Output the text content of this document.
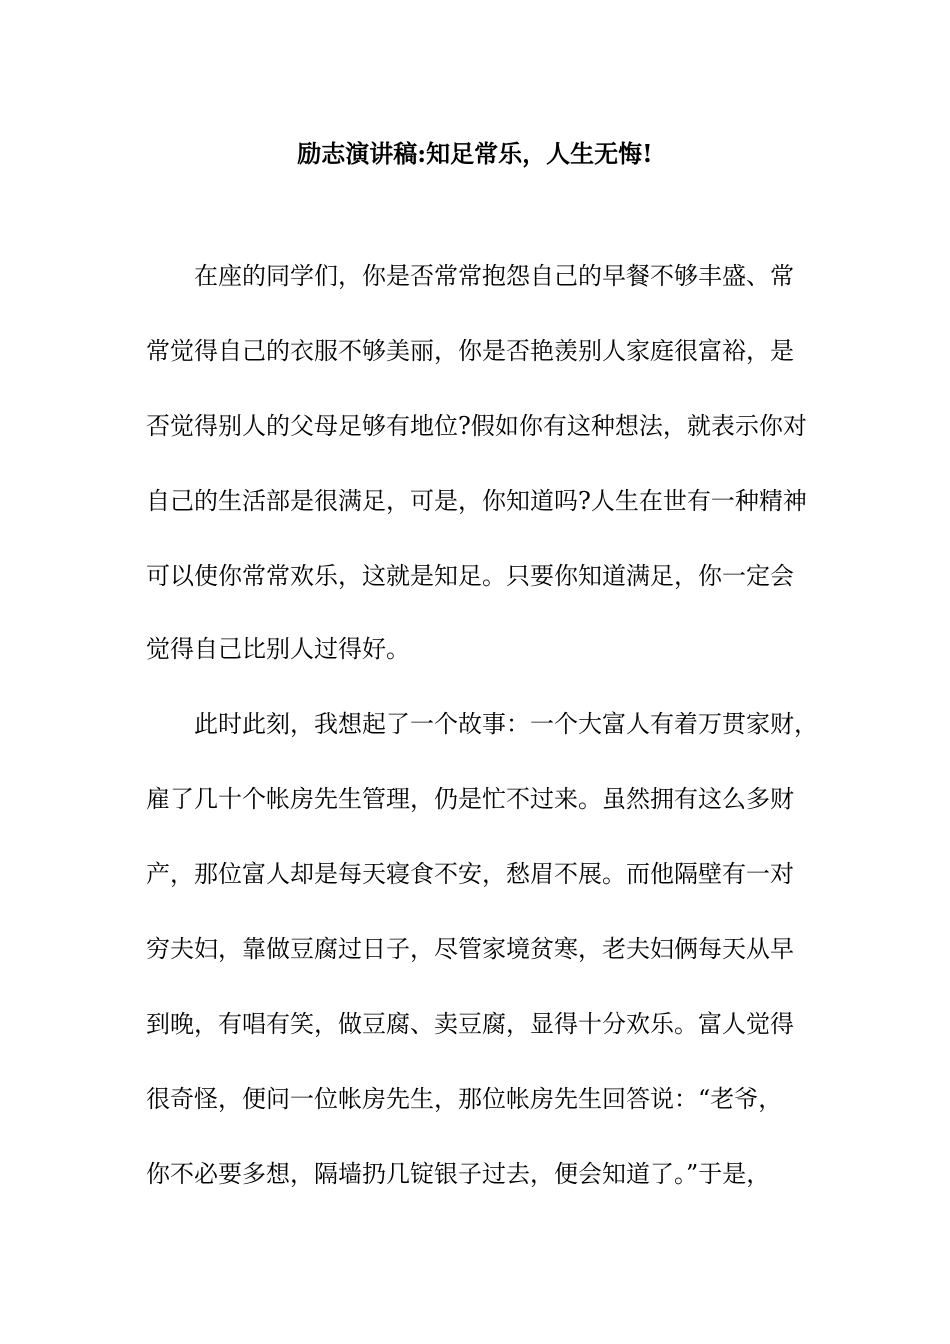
励志演讲稿:知足常乐，人生无悔!

在座的同学们，你是否常常抱怨自己的早餐不够丰盛、常

常觉得自己的衣服不够美丽，你是否艳羡别人家庭很富裕，是

否觉得别人的父母足够有地位?假如你有这种想法，就表示你对

自己的生活部是很满足，可是，你知道吗?人生在世有一种精神

可以使你常常欢乐，这就是知足。只要你知道满足，你一定会

觉得自己比别人过得好。

此时此刻，我想起了一个故事：一个大富人有着万贯家财，

雇了几十个帐房先生管理，仍是忙不过来。虽然拥有这么多财

产，那位富人却是每天寝食不安，愁眉不展。而他隔壁有一对

穷夫妇，靠做豆腐过日子，尽管家境贫寒，老夫妇俩每天从早

到晚，有唱有笑，做豆腐、卖豆腐，显得十分欢乐。富人觉得

很奇怪，便问一位帐房先生，那位帐房先生回答说：“老爷，

你不必要多想，隔墙扔几锭银子过去，便会知道了。”于是，
